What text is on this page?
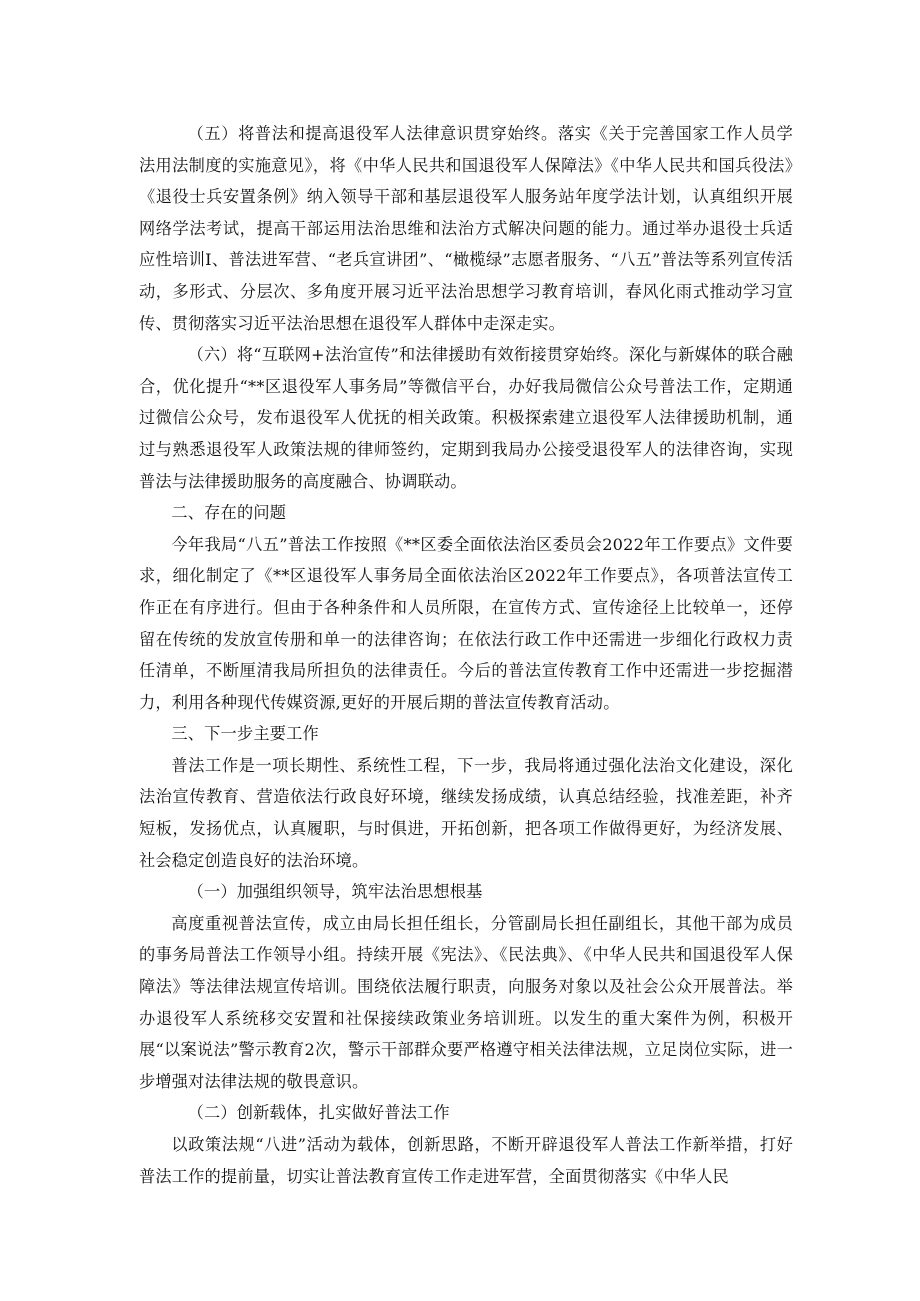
（五）将普法和提高退役军人法律意识贯穿始终。落实《关于完善国家工作人员学法用法制度的实施意见》，将《中华人民共和国退役军人保障法》《中华人民共和国兵役法》《退役士兵安置条例》纳入领导干部和基层退役军人服务站年度学法计划，认真组织开展网络学法考试，提高干部运用法治思维和法治方式解决问题的能力。通过举办退役士兵适应性培训I、普法进军营、“老兵宣讲团”、“橄榄绿”志愿者服务、“八五”普法等系列宣传活动，多形式、分层次、多角度开展习近平法治思想学习教育培训，春风化雨式推动学习宣传、贯彻落实习近平法治思想在退役军人群体中走深走实。

（六）将“互联网+法治宣传”和法律援助有效衔接贯穿始终。深化与新媒体的联合融合，优化提升“**区退役军人事务局”等微信平台，办好我局微信公众号普法工作，定期通过微信公众号，发布退役军人优抚的相关政策。积极探索建立退役军人法律援助机制，通过与熟悉退役军人政策法规的律师签约，定期到我局办公接受退役军人的法律咨询，实现普法与法律援助服务的高度融合、协调联动。

二、存在的问题

今年我局“八五”普法工作按照《**区委全面依法治区委员会2022年工作要点》文件要求，细化制定了《**区退役军人事务局全面依法治区2022年工作要点》，各项普法宣传工作正在有序进行。但由于各种条件和人员所限，在宣传方式、宣传途径上比较单一，还停留在传统的发放宣传册和单一的法律咨询；在依法行政工作中还需进一步细化行政权力责任清单，不断厘清我局所担负的法律责任。今后的普法宣传教育工作中还需进一步挖掘潜力，利用各种现代传媒资源,更好的开展后期的普法宣传教育活动。

三、下一步主要工作

普法工作是一项长期性、系统性工程，下一步，我局将通过强化法治文化建设，深化法治宣传教育、营造依法行政良好环境，继续发扬成绩，认真总结经验，找准差距，补齐短板，发扬优点，认真履职，与时俱进，开拓创新，把各项工作做得更好，为经济发展、社会稳定创造良好的法治环境。

（一）加强组织领导，筑牢法治思想根基

高度重视普法宣传，成立由局长担任组长，分管副局长担任副组长，其他干部为成员的事务局普法工作领导小组。持续开展《宪法》、《民法典》、《中华人民共和国退役军人保障法》等法律法规宣传培训。围绕依法履行职责，向服务对象以及社会公众开展普法。举办退役军人系统移交安置和社保接续政策业务培训班。以发生的重大案件为例，积极开展“以案说法”警示教育2次，警示干部群众要严格遵守相关法律法规，立足岗位实际，进一步增强对法律法规的敬畏意识。

（二）创新载体，扎实做好普法工作

以政策法规“八进”活动为载体，创新思路，不断开辟退役军人普法工作新举措，打好普法工作的提前量，切实让普法教育宣传工作走进军营，全面贯彻落实《中华人民
